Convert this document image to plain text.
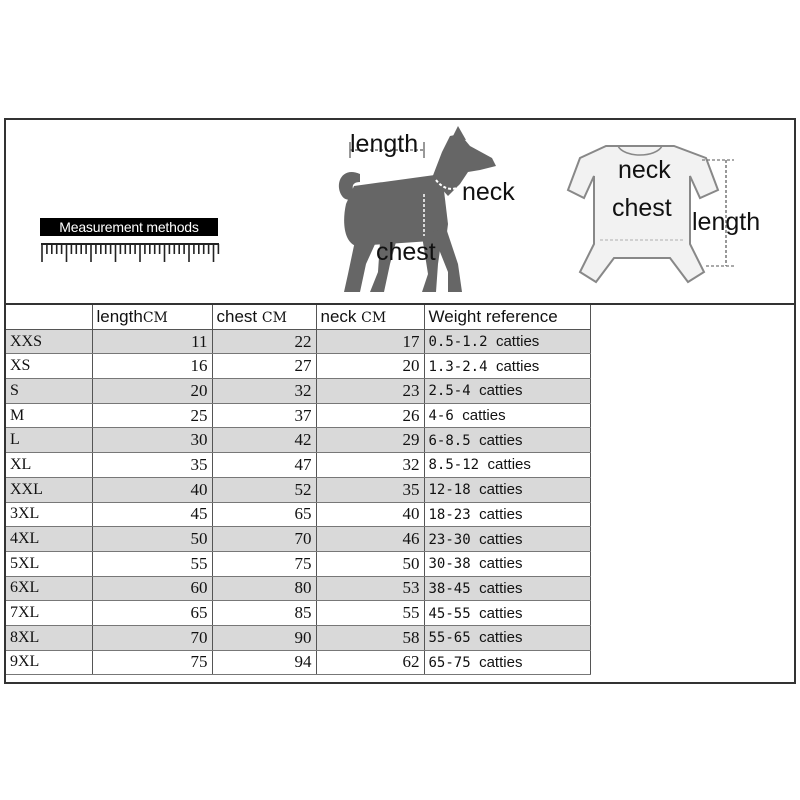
Measurement methods
length
neck
chest
neck
chest length
	lengthCM	chest CM	neck CM	Weight reference
XXS	11	22	17	0.5-1.2 catties
XS	16	27	20	1.3-2.4 catties
S	20	32	23	2.5-4 catties
M	25	37	26	4-6 catties
L	30	42	29	6-8.5 catties
XL	35	47	32	8.5-12 catties
XXL	40	52	35	12-18 catties
3XL	45	65	40	18-23 catties
4XL	50	70	46	23-30 catties
5XL	55	75	50	30-38 catties
6XL	60	80	53	38-45 catties
7XL	65	85	55	45-55 catties
8XL	70	90	58	55-65 catties
9XL	75	94	62	65-75 catties
